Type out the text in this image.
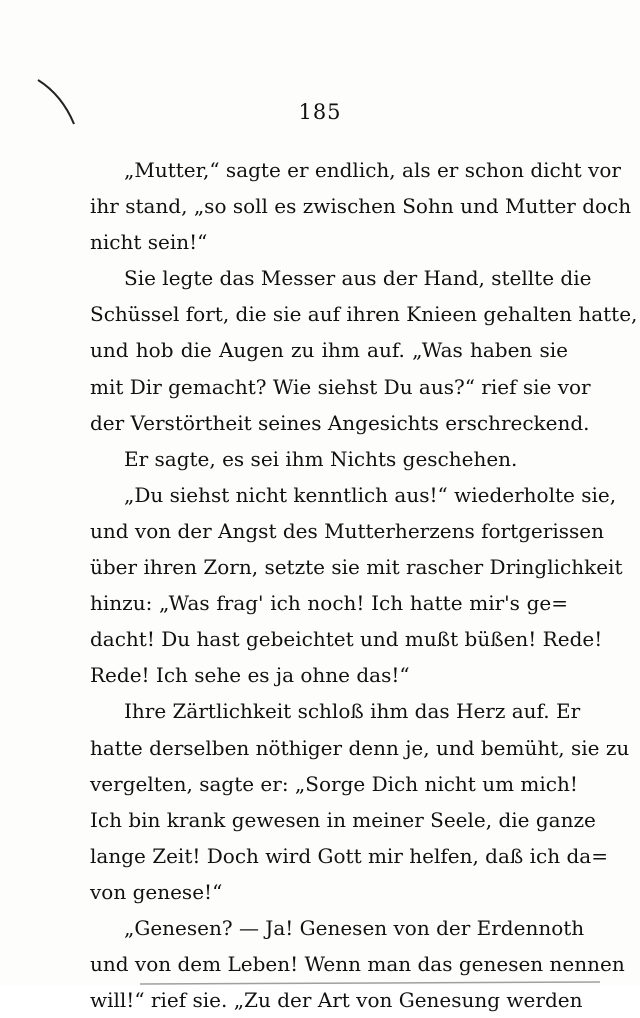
185
„Mutter,“ sagte er endlich, als er schon dicht vor
ihr stand, „so soll es zwischen Sohn und Mutter doch
nicht sein!“
Sie legte das Messer aus der Hand, stellte die
Schüssel fort, die sie auf ihren Knieen gehalten hatte,
und hob die Augen zu ihm auf. „Was haben sie
mit Dir gemacht? Wie siehst Du aus?“ rief sie vor
der Verstörtheit seines Angesichts erschreckend.
Er sagte, es sei ihm Nichts geschehen.
„Du siehst nicht kenntlich aus!“ wiederholte sie,
und von der Angst des Mutterherzens fortgerissen
über ihren Zorn, setzte sie mit rascher Dringlichkeit
hinzu: „Was frag' ich noch! Ich hatte mir's ge=
dacht! Du hast gebeichtet und mußt büßen! Rede!
Rede! Ich sehe es ja ohne das!“
Ihre Zärtlichkeit schloß ihm das Herz auf. Er
hatte derselben nöthiger denn je, und bemüht, sie zu
vergelten, sagte er: „Sorge Dich nicht um mich!
Ich bin krank gewesen in meiner Seele, die ganze
lange Zeit! Doch wird Gott mir helfen, daß ich da=
von genese!“
„Genesen? — Ja! Genesen von der Erdennoth
und von dem Leben! Wenn man das genesen nennen
will!“ rief sie. „Zu der Art von Genesung werden
